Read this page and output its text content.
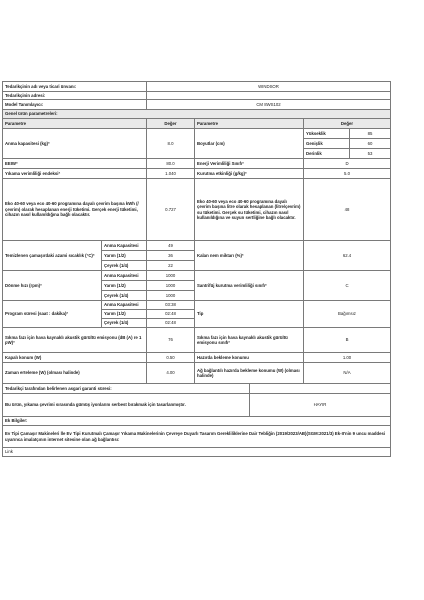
Tedarikçinin adı veya ticari ünvanı:		WINDSOR				
Tedarikçinin adresi:						
Model Tanımlayıcı:		CM 8WS102				
Genel ürün parametreleri:						
Parametre		Değer	Parametre		Değer	
Anma kapasitesi (kg)ª		8.0	Boyutlar (cm)		Yükseklik	85
					Genişlik	60
					Derinlik	53
EEIWª		80.0	Enerji Verimliliği Sınıfıª		D	
Yıkama verimliliği endeksiª		1.040	Kurutma etkinliği (g/kg)ª		5.0	
Eko 40-60 veya eco 40-60 programına dayalı çevrim başına kWh (/çevrim) olarak hesaplanan enerji tüketimi. Gerçek enerji tüketimi, cihazın nasıl kullanıldığına bağlı olacaktır.		0.727	Eko 40-60 veya eco 40-60 programına dayalı çevrim başına litre olarak hesaplanan (litre/çevrim) su tüketimi. Gerçek su tüketimi, cihazın nasıl kullanıldığına ve suyun sertliğine bağlı olacaktır.		48	
Temizlenen çamaşırdaki azami sıcaklık (°C)ª	Anma Kapasitesi	49	Kalan nem miktarı (%)ª		62.4	
	Yarım (1/2)	36				
	Çeyrek (1/4)	22				
Dönme hızı (rpm)ª	Anma Kapasitesi	1000	Santrifüj kurutma verimliliği sınıfıª		C	
	Yarım (1/2)	1000				
	Çeyrek (1/4)	1000				
Program süresi (saat : dakika)ª	Anma Kapasitesi	03:38	Tip		Bağımsız	
	Yarım (1/2)	02:48				
	Çeyrek (1/4)	02:48				
Sıkma fazı için hava kaynaklı akustik gürültü emisyonu (dB (A) re 1 pW)ª		76	Sıkma fazı için hava kaynaklı akustik gürültü emisyonu sınıfıª		B	
Kapalı konum (W)		0.50	Hazırda bekleme konumu		1.00	
Zaman erteleme (W) (olması halinde)		4.00	Ağ bağlantılı hazırda bekleme konumu (W) (olması halinde)		N/A	
Tedarikçi tarafından belirlenen asgari garanti süresi:						
Bu ürün, yıkama çevrimi sırasında gümüş iyonlarını serbest bırakmak için tasarlanmıştır.				HAYIR		
Ek Bilgiler:						
Ev Tipi Çamaşır Makineleri İle Ev Tipi Kurutmalı Çamaşır Yıkama Makinelerinin Çevreye Duyarlı Tasarım Gerekliliklerine Dair Tebliğin (2019/2023/AB)(SGM:2021/3) Ek-II'nin 9 uncu maddesi uyarınca imalatçının internet sitesine olan ağ bağlantısı:						
Link						
